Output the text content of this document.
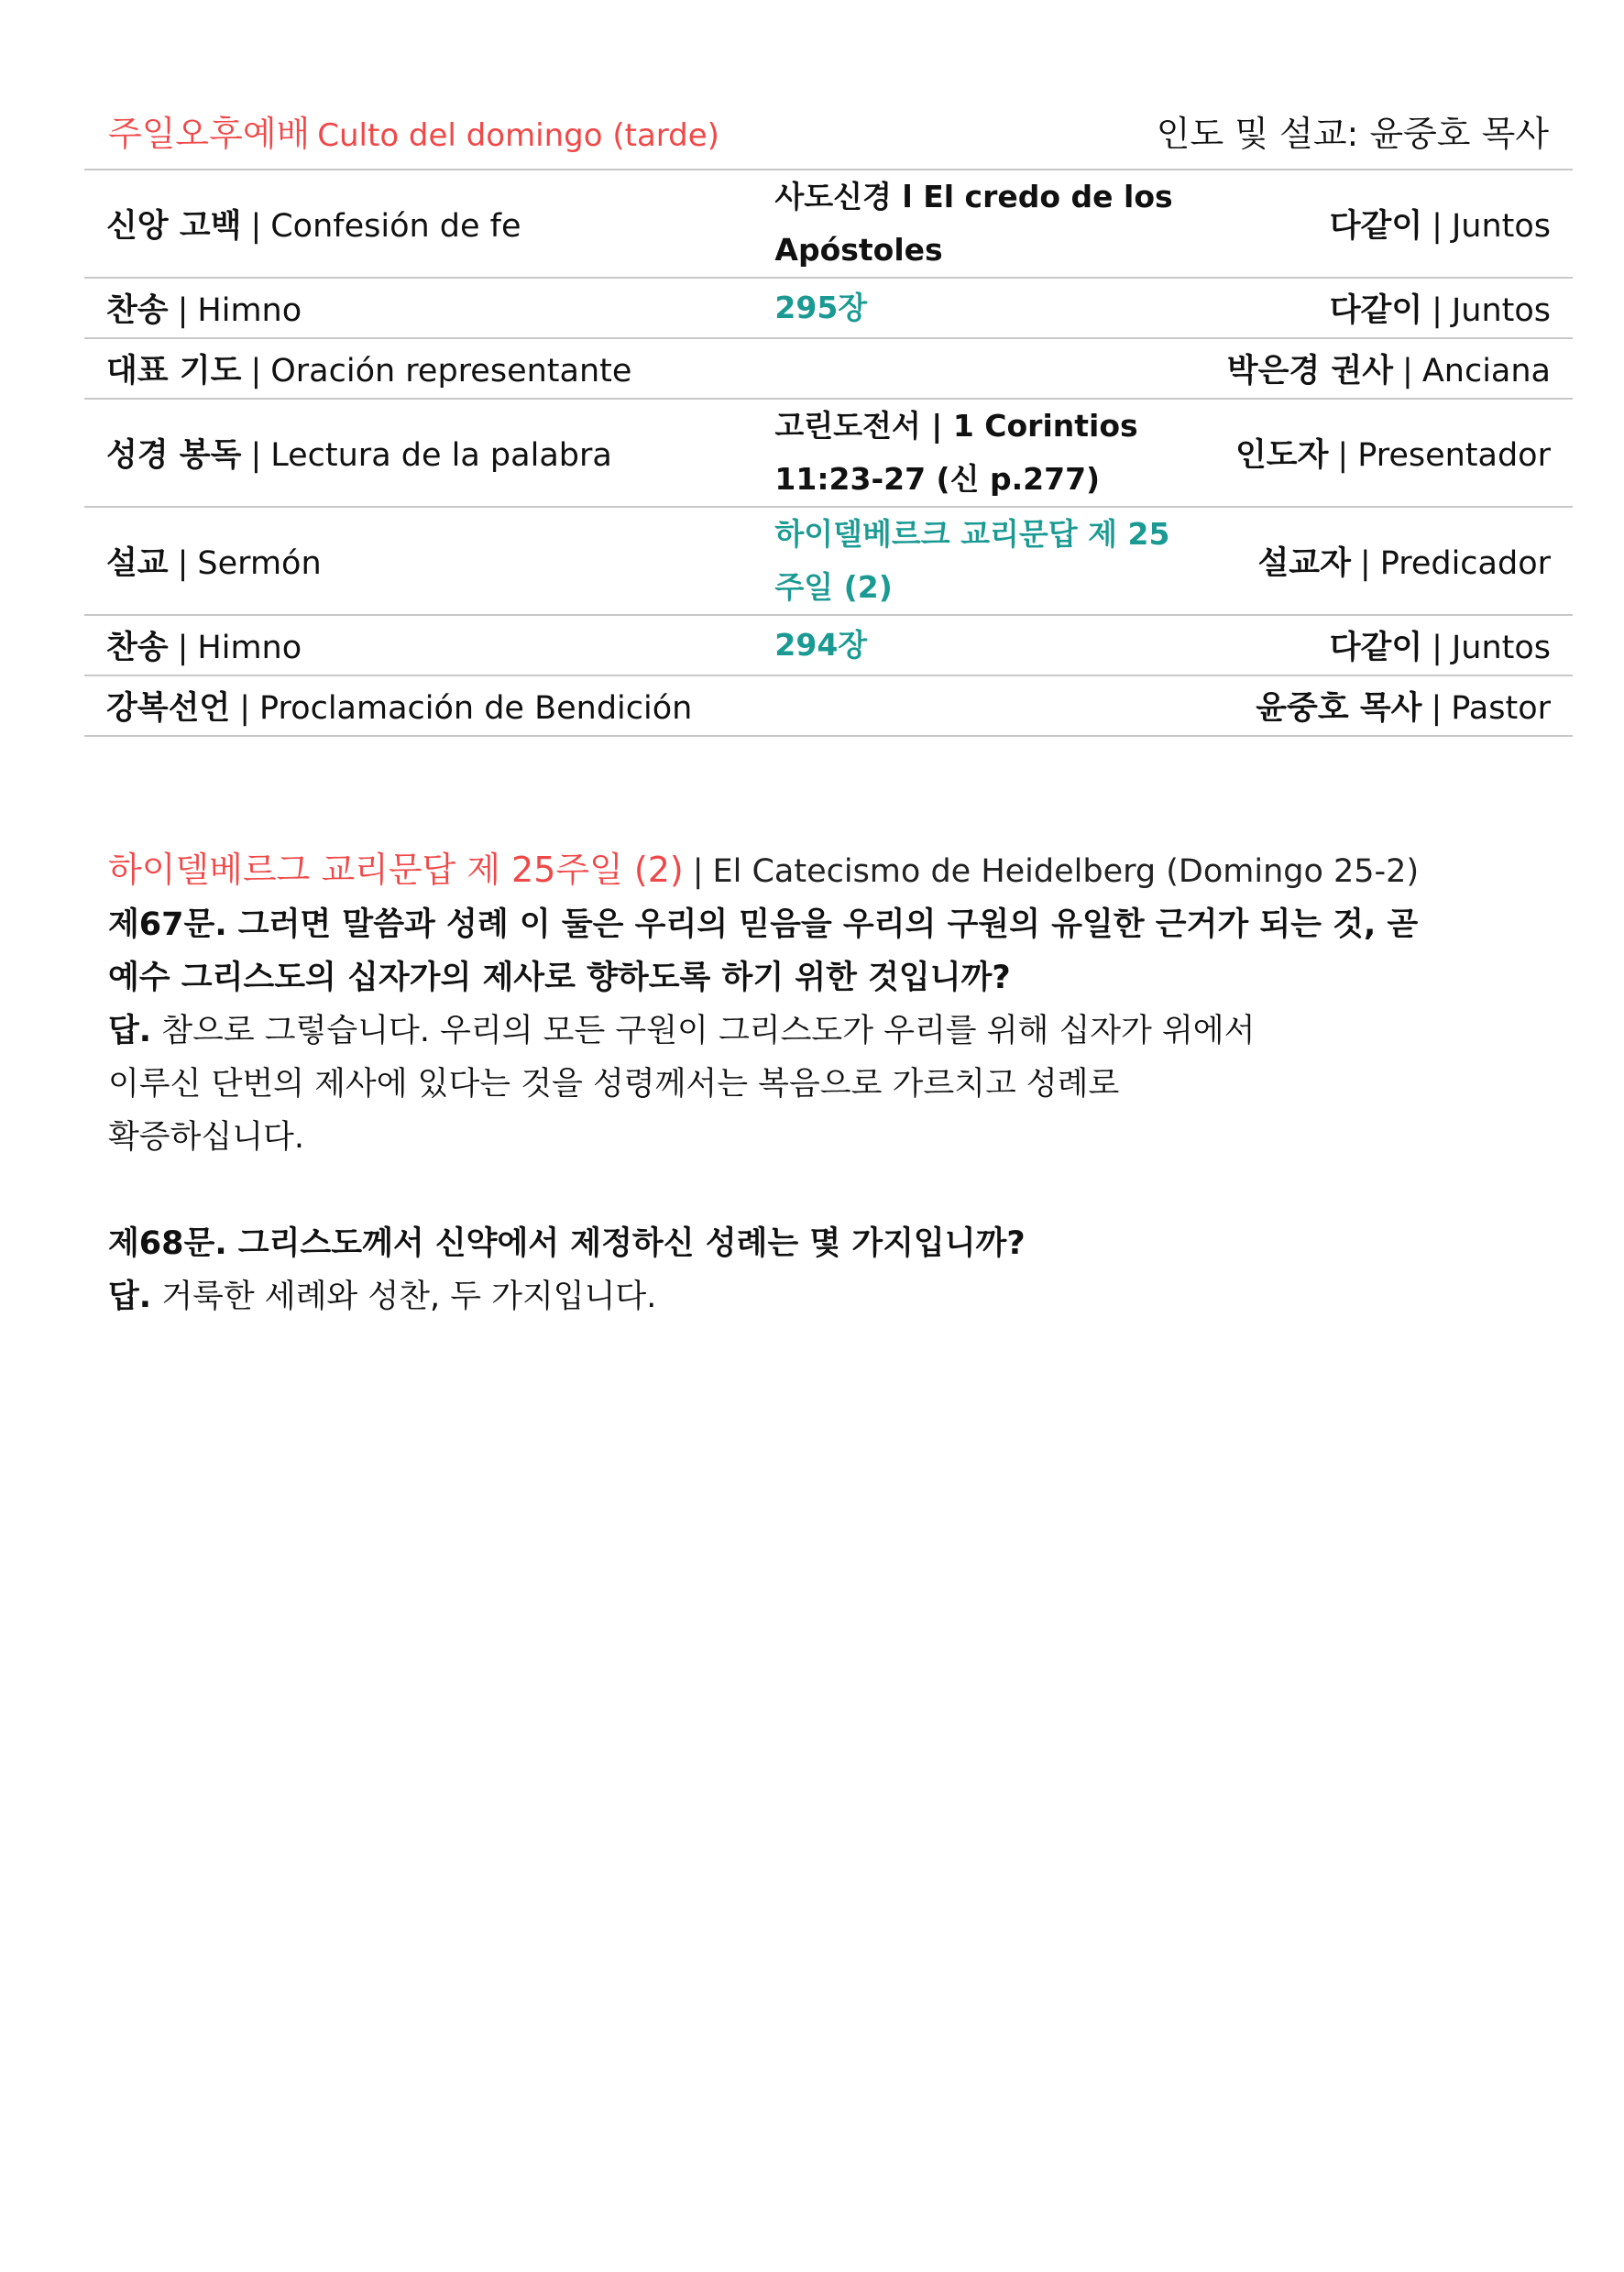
주일오후예배 Culto del domingo (tarde)	인도 및 설교: 윤중호 목사
신앙 고백 | Confesión de fe	사도신경 l El credo de los Apóstoles	다같이 | Juntos
찬송 | Himno	295장	다같이 | Juntos
대표 기도 | Oración representante		박은경 권사 | Anciana
성경 봉독 | Lectura de la palabra	고린도전서 | 1 Corintios 11:23-27 (신 p.277)	인도자 | Presentador
설교 | Sermón	하이델베르크 교리문답 제 25주일 (2)	설교자 | Predicador
찬송 | Himno	294장	다같이 | Juntos
강복선언 | Proclamación de Bendición		윤중호 목사 | Pastor
하이델베르그 교리문답 제 25주일 (2) | El Catecismo de Heidelberg (Domingo 25-2)

제67문. 그러면 말씀과 성례 이 둘은 우리의 믿음을 우리의 구원의 유일한 근거가 되는 것, 곧

예수 그리스도의 십자가의 제사로 향하도록 하기 위한 것입니까?

답. 참으로 그렇습니다. 우리의 모든 구원이 그리스도가 우리를 위해 십자가 위에서

이루신 단번의 제사에 있다는 것을 성령께서는 복음으로 가르치고 성례로

확증하십니다.

제68문. 그리스도께서 신약에서 제정하신 성례는 몇 가지입니까?

답. 거룩한 세례와 성찬, 두 가지입니다.
